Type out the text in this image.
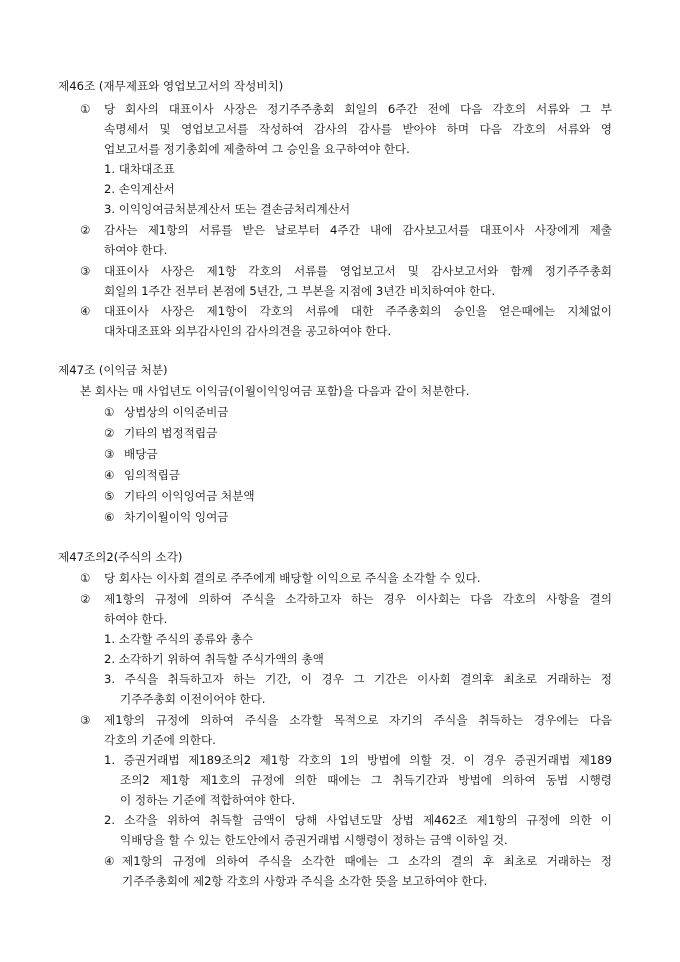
제46조 (재무제표와 영업보고서의 작성비치)
① 당 회사의 대표이사 사장은 정기주주총회 회일의 6주간 전에 다음 각호의 서류와 그 부
속명세서 및 영업보고서를 작성하여 감사의 감사를 받아야 하며 다음 각호의 서류와 영
업보고서를 정기총회에 제출하여 그 승인을 요구하여야 한다.
1. 대차대조표
2. 손익계산서
3. 이익잉여금처분계산서 또는 결손금처리계산서
② 감사는 제1항의 서류를 받은 날로부터 4주간 내에 감사보고서를 대표이사 사장에게 제출
하여야 한다.
③ 대표이사 사장은 제1항 각호의 서류를 영업보고서 및 감사보고서와 함께 정기주주총회
회일의 1주간 전부터 본점에 5년간, 그 부본을 지점에 3년간 비치하여야 한다.
④ 대표이사 사장은 제1항이 각호의 서류에 대한 주주총회의 승인을 얻은때에는 지체없이
대차대조표와 외부감사인의 감사의견을 공고하여야 한다.
제47조 (이익금 처분)
본 회사는 매 사업년도 이익금(이월이익잉여금 포함)을 다음과 같이 처분한다.
① 상법상의 이익준비금
② 기타의 법정적립금
③ 배당금
④ 임의적립금
⑤ 기타의 이익잉여금 처분액
⑥ 차기이월이익 잉여금
제47조의2(주식의 소각)
① 당 회사는 이사회 결의로 주주에게 배당할 이익으로 주식을 소각할 수 있다.
② 제1항의 규정에 의하여 주식을 소각하고자 하는 경우 이사회는 다음 각호의 사항을 결의
하여야 한다.
1. 소각할 주식의 종류와 총수
2. 소각하기 위하여 취득할 주식가액의 총액
3. 주식을 취득하고자 하는 기간, 이 경우 그 기간은 이사회 결의후 최초로 거래하는 정
기주주총회 이전이어야 한다.
③ 제1항의 규정에 의하여 주식을 소각할 목적으로 자기의 주식을 취득하는 경우에는 다음
각호의 기준에 의한다.
1. 증권거래법 제189조의2 제1항 각호의 1의 방법에 의할 것. 이 경우 증권거래법 제189
조의2 제1항 제1호의 규정에 의한 때에는 그 취득기간과 방법에 의하여 동법 시행령
이 정하는 기준에 적합하여야 한다.
2. 소각을 위하여 취득할 금액이 당해 사업년도말 상법 제462조 제1항의 규정에 의한 이
익배당을 할 수 있는 한도안에서 증권거래법 시행령이 정하는 금액 이하일 것.
④ 제1항의 규정에 의하여 주식을 소각한 때에는 그 소각의 결의 후 최초로 거래하는 정
기주주총회에 제2항 각호의 사항과 주식을 소각한 뜻을 보고하여야 한다.
